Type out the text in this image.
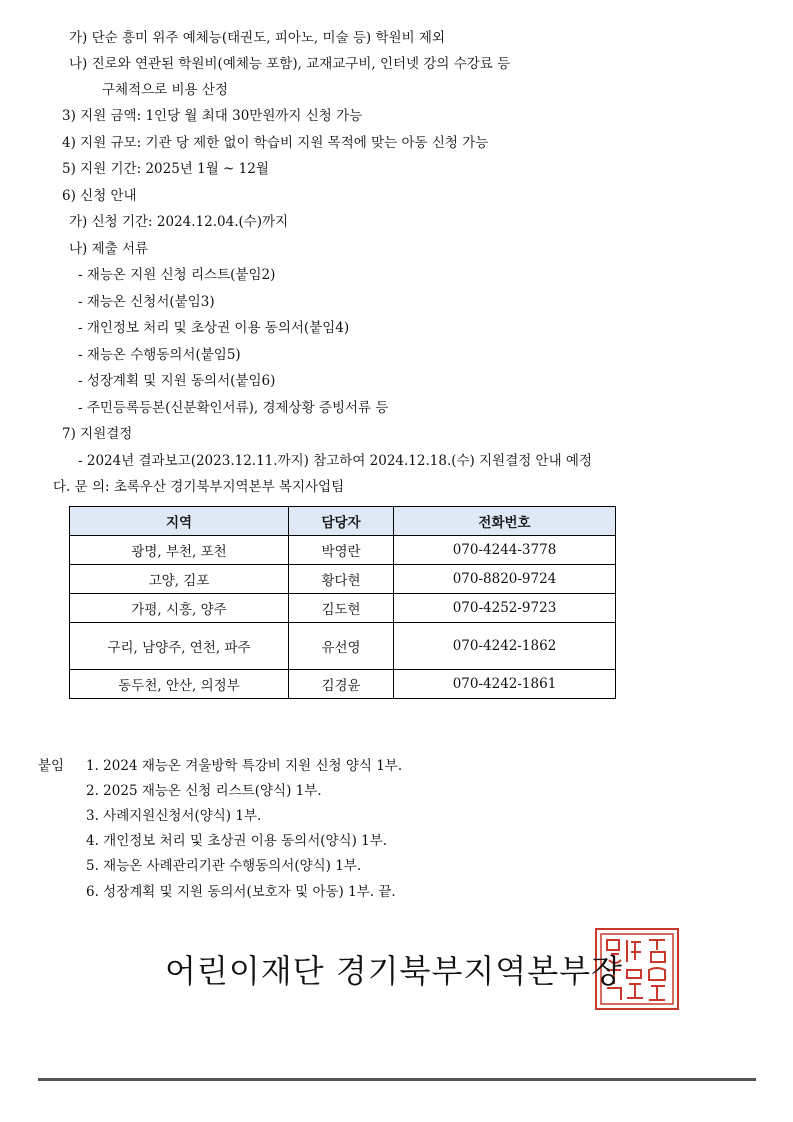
가) 단순 흥미 위주 예체능(태권도, 피아노, 미술 등) 학원비 제외
나) 진로와 연관된 학원비(예체능 포함), 교재교구비, 인터넷 강의 수강료 등
구체적으로 비용 산정
3) 지원 금액: 1인당 월 최대 30만원까지 신청 가능
4) 지원 규모: 기관 당 제한 없이 학습비 지원 목적에 맞는 아동 신청 가능
5) 지원 기간: 2025년 1월 ~ 12월
6) 신청 안내
가) 신청 기간: 2024.12.04.(수)까지
나) 제출 서류
- 재능온 지원 신청 리스트(붙임2)
- 재능온 신청서(붙임3)
- 개인정보 처리 및 초상권 이용 동의서(붙임4)
- 재능온 수행동의서(붙임5)
- 성장계획 및 지원 동의서(붙임6)
- 주민등록등본(신분확인서류), 경제상황 증빙서류 등
7) 지원결정
- 2024년 결과보고(2023.12.11.까지) 참고하여 2024.12.18.(수) 지원결정 안내 예정
다. 문 의: 초록우산 경기북부지역본부 복지사업팀
지역	담당자	전화번호
광명, 부천, 포천	박영란	070-4244-3778
고양, 김포	황다현	070-8820-9724
가평, 시흥, 양주	김도현	070-4252-9723
구리, 남양주, 연천, 파주	유선영	070-4242-1862
동두천, 안산, 의정부	김경윤	070-4242-1861
붙임 1. 2024 재능온 겨울방학 특강비 지원 신청 양식 1부.
2. 2025 재능온 신청 리스트(양식) 1부.
3. 사례지원신청서(양식) 1부.
4. 개인정보 처리 및 초상권 이용 동의서(양식) 1부.
5. 재능온 사례관리기관 수행동의서(양식) 1부.
6. 성장계획 및 지원 동의서(보호자 및 아동) 1부. 끝.
어린이재단 경기북부지역본부장
